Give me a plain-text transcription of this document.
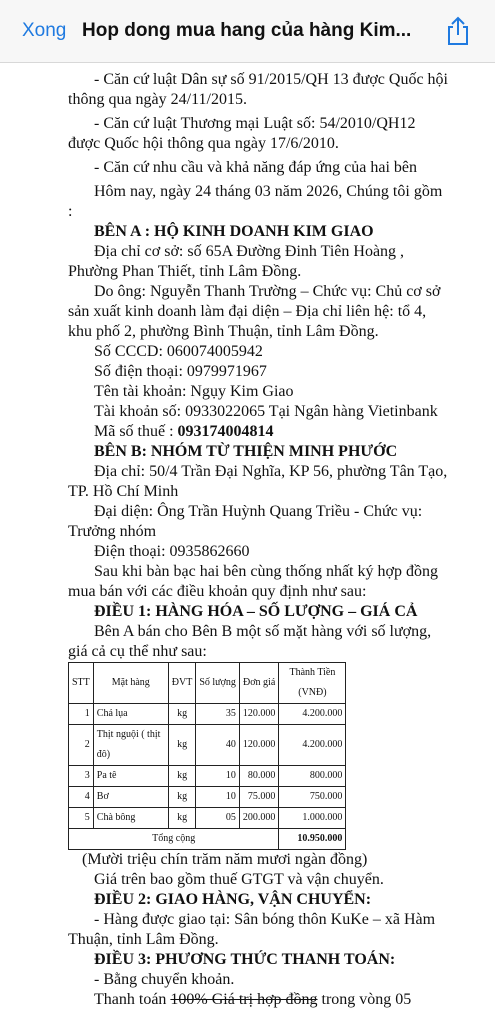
Xong Hop dong mua hang của hàng Kim...

- Căn cứ luật Dân sự số 91/2015/QH 13 được Quốc hội thông qua ngày 24/11/2015.

- Căn cứ luật Thương mại Luật số: 54/2010/QH12 được Quốc hội thông qua ngày 17/6/2010.

- Căn cứ nhu cầu và khả năng đáp ứng của hai bên

Hôm nay, ngày 24 tháng 03 năm 2026, Chúng tôi gồm :

BÊN A : HỘ KINH DOANH KIM GIAO

Địa chỉ cơ sở: số 65A Đường Đinh Tiên Hoàng , Phường Phan Thiết, tỉnh Lâm Đồng.

Do ông: Nguyễn Thanh Trường – Chức vụ: Chủ cơ sở sản xuất kinh doanh làm đại diện – Địa chỉ liên hệ: tổ 4, khu phố 2, phường Bình Thuận, tỉnh Lâm Đồng.

Số CCCD: 060074005942

Số điện thoại: 0979971967

Tên tài khoản: Ngụy Kim Giao

Tài khoản số: 0933022065 Tại Ngân hàng Vietinbank

Mã số thuế : 093174004814

BÊN B: NHÓM TỪ THIỆN MINH PHƯỚC

Địa chỉ: 50/4 Trần Đại Nghĩa, KP 56, phường Tân Tạo, TP. Hồ Chí Minh

Đại diện: Ông Trần Huỳnh Quang Triều - Chức vụ: Trưởng nhóm

Điện thoại: 0935862660

Sau khi bàn bạc hai bên cùng thống nhất ký hợp đồng mua bán với các điều khoản quy định như sau:

ĐIỀU 1: HÀNG HÓA – SỐ LƯỢNG – GIÁ CẢ

Bên A bán cho Bên B một số mặt hàng với số lượng, giá cả cụ thể như sau:

STT	Mặt hàng	ĐVT	Số lượng	Đơn giá	Thành Tiền (VNĐ)
1	Chả lụa	kg	35	120.000	4.200.000
2	Thịt nguội ( thịt đô)	kg	40	120.000	4.200.000
3	Pa tê	kg	10	80.000	800.000
4	Bơ	kg	10	75.000	750.000
5	Chà bông	kg	05	200.000	1.000.000
Tổng cộng					10.950.000

(Mười triệu chín trăm năm mươi ngàn đồng)

Giá trên bao gồm thuế GTGT và vận chuyển.

ĐIỀU 2: GIAO HÀNG, VẬN CHUYỂN:

- Hàng được giao tại: Sân bóng thôn KuKe – xã Hàm Thuận, tỉnh Lâm Đồng.

ĐIỀU 3: PHƯƠNG THỨC THANH TOÁN:

- Bằng chuyển khoản.

Thanh toán 100% Giá trị hợp đồng trong vòng 05
